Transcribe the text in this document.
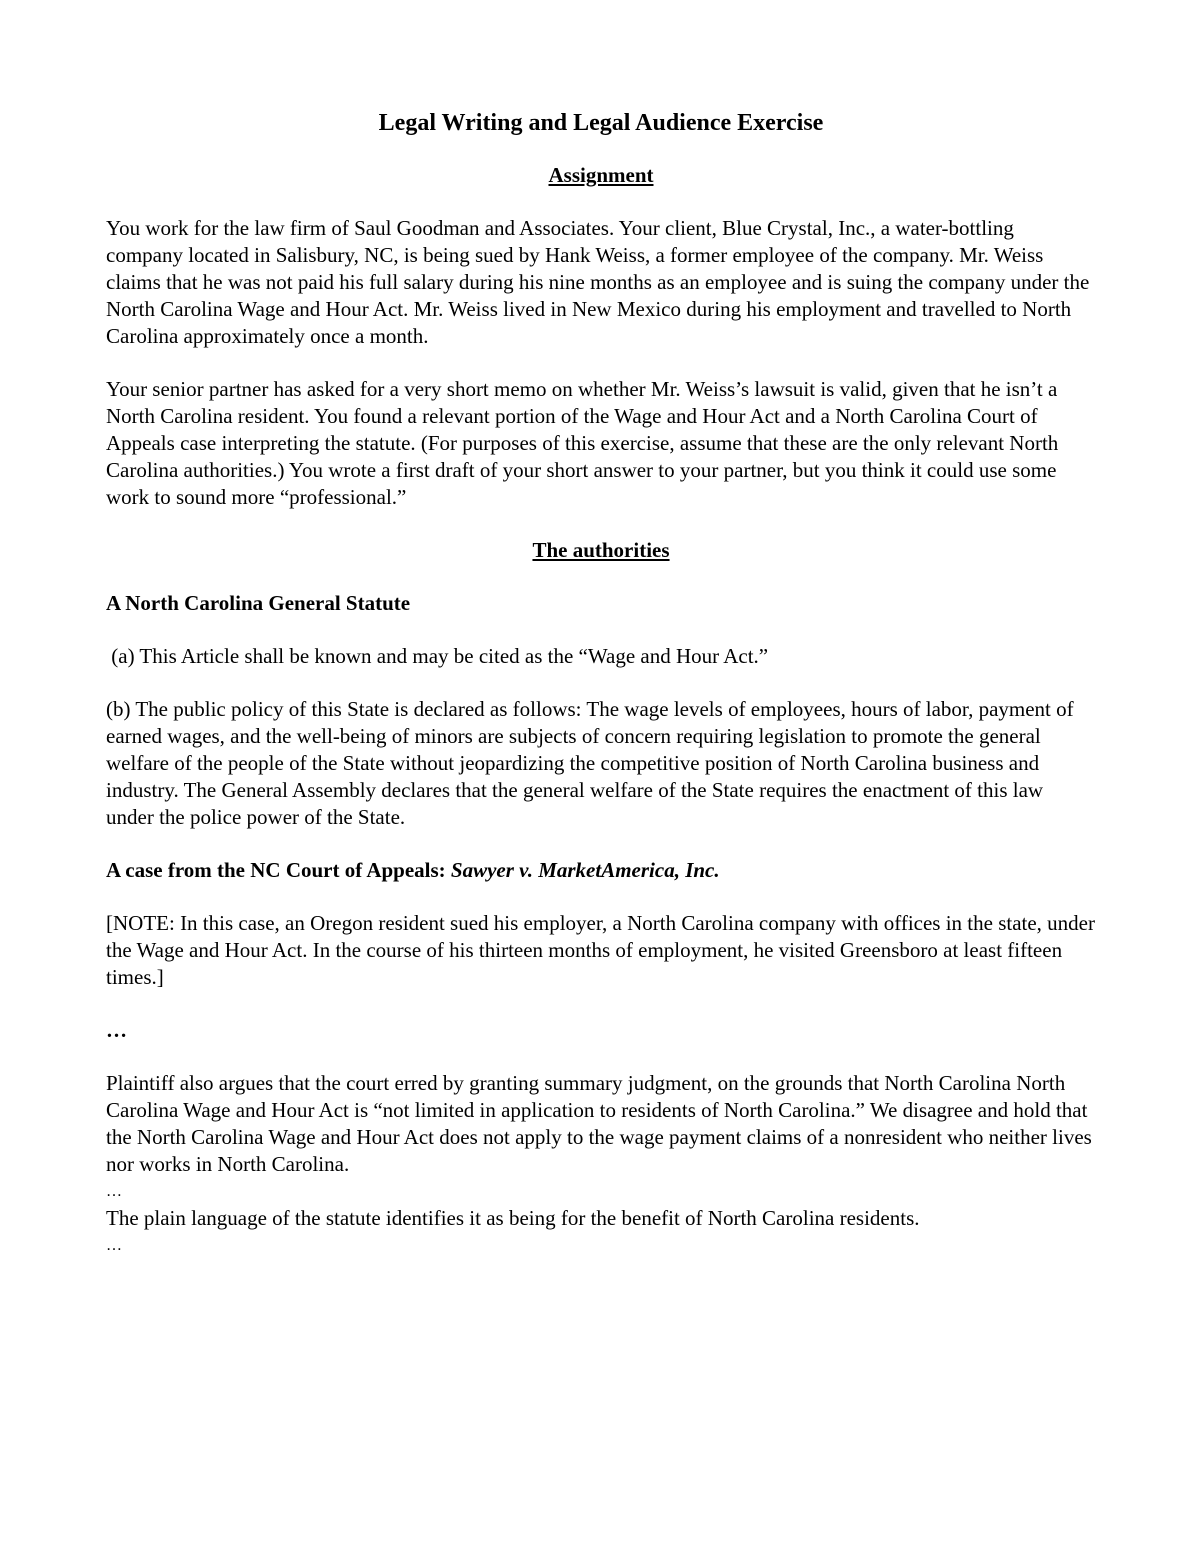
Legal Writing and Legal Audience Exercise
Assignment

You work for the law firm of Saul Goodman and Associates. Your client, Blue Crystal, Inc., a water-bottling company located in Salisbury, NC, is being sued by Hank Weiss, a former employee of the company. Mr. Weiss claims that he was not paid his full salary during his nine months as an employee and is suing the company under the North Carolina Wage and Hour Act. Mr. Weiss lived in New Mexico during his employment and travelled to North Carolina approximately once a month.

Your senior partner has asked for a very short memo on whether Mr. Weiss’s lawsuit is valid, given that he isn’t a North Carolina resident. You found a relevant portion of the Wage and Hour Act and a North Carolina Court of Appeals case interpreting the statute. (For purposes of this exercise, assume that these are the only relevant North Carolina authorities.) You wrote a first draft of your short answer to your partner, but you think it could use some work to sound more “professional.”

The authorities
A North Carolina General Statute

(a) This Article shall be known and may be cited as the “Wage and Hour Act.”

(b) The public policy of this State is declared as follows: The wage levels of employees, hours of labor, payment of earned wages, and the well-being of minors are subjects of concern requiring legislation to promote the general welfare of the people of the State without jeopardizing the competitive position of North Carolina business and industry. The General Assembly declares that the general welfare of the State requires the enactment of this law under the police power of the State.

A case from the NC Court of Appeals: Sawyer v. MarketAmerica, Inc.

[NOTE: In this case, an Oregon resident sued his employer, a North Carolina company with offices in the state, under the Wage and Hour Act. In the course of his thirteen months of employment, he visited Greensboro at least fifteen times.]

…

Plaintiff also argues that the court erred by granting summary judgment, on the grounds that North Carolina North Carolina Wage and Hour Act is “not limited in application to residents of North Carolina.” We disagree and hold that the North Carolina Wage and Hour Act does not apply to the wage payment claims of a nonresident who neither lives nor works in North Carolina.

…

The plain language of the statute identifies it as being for the benefit of North Carolina residents.

…
